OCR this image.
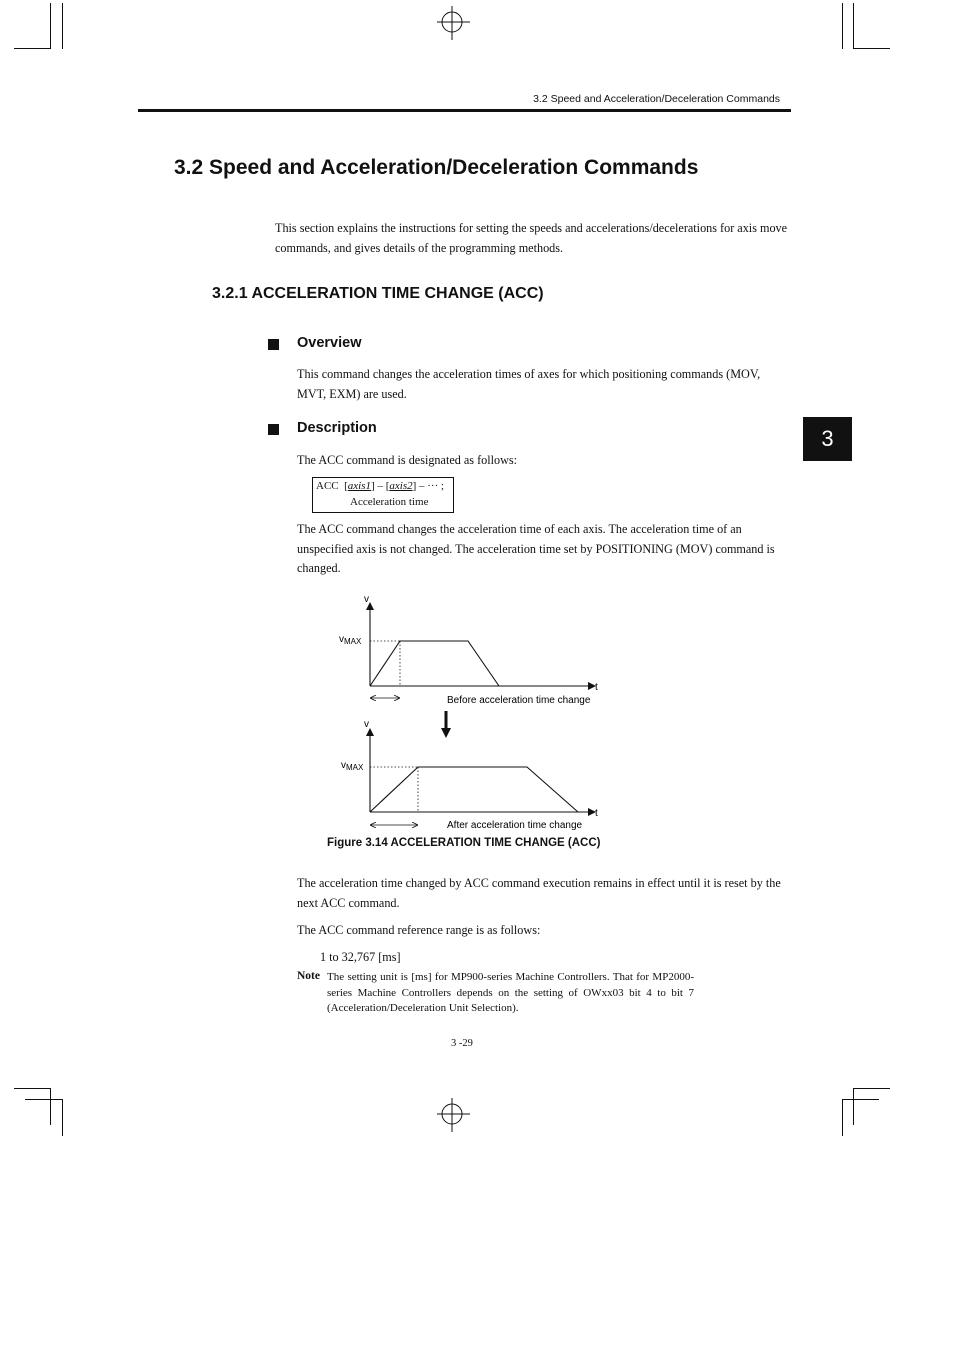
3.2 Speed and Acceleration/Deceleration Commands
3
3.2 Speed and Acceleration/Deceleration Commands
This section explains the instructions for setting the speeds and accelerations/decelerations for axis move commands, and gives details of the programming methods.
3.2.1 ACCELERATION TIME CHANGE (ACC)
Overview
This command changes the acceleration times of axes for which positioning commands (MOV, MVT, EXM) are used.
Description
The ACC command is designated as follows:
ACC  [axis1] – [axis2] – ··· ;
Acceleration time
The ACC command changes the acceleration time of each axis. The acceleration time of an unspecified axis is not changed. The acceleration time set by POSITIONING (MOV) command is changed.
v
$v_{MAX}$
t
Before acceleration time change
v
$v_{MAX}$
t
After acceleration time change
Figure 3.14 ACCELERATION TIME CHANGE (ACC)
The acceleration time changed by ACC command execution remains in effect until it is reset by the next ACC command.
The ACC command reference range is as follows:
1 to 32,767 [ms]
Note The setting unit is [ms] for MP900-series Machine Controllers. That for MP2000-series Machine Controllers depends on the setting of OWxx03 bit 4 to bit 7 (Acceleration/Deceleration Unit Selection).
3 -29
